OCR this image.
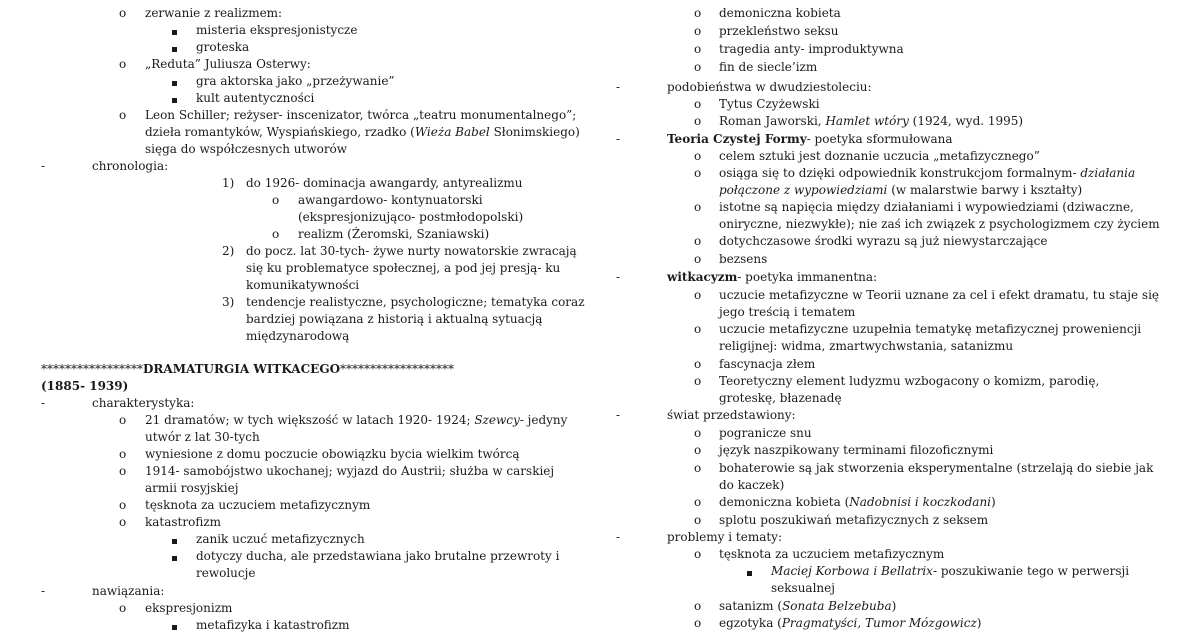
o zerwanie z realizmem:
misteria ekspresjonistycze
groteska
o „Reduta” Juliusza Osterwy:
gra aktorska jako „przeżywanie”
kult autentyczności
o Leon Schiller; reżyser- inscenizator, twórca „teatru monumentalnego”;
dzieła romantyków, Wyspiańskiego, rzadko (Wieża Babel Słonimskiego)
sięga do współczesnych utworów
-	chronologia:
1) do 1926- dominacja awangardy, antyrealizmu
o awangardowo- kontynuatorski
(ekspresjonizująco- postmłodopolski)
o realizm (Żeromski, Szaniawski)
2) do pocz. lat 30-tych- żywe nurty nowatorskie zwracają
się ku problematyce społecznej, a pod jej presją- ku
komunikatywności
3) tendencje realistyczne, psychologiczne; tematyka coraz
bardziej powiązana z historią i aktualną sytuacją
międzynarodową
*****************DRAMATURGIA WITKACEGO*******************
(1885- 1939)
-	charakterystyka:
o 21 dramatów; w tych większość w latach 1920- 1924; Szewcy- jedyny
utwór z lat 30-tych
o wyniesione z domu poczucie obowiązku bycia wielkim twórcą
o 1914- samobójstwo ukochanej; wyjazd do Austrii; służba w carskiej
armii rosyjskiej
o tęsknota za uczuciem metafizycznym
o katastrofizm
zanik uczuć metafizycznych
dotyczy ducha, ale przedstawiana jako brutalne przewroty i
rewolucje
-	nawiązania:
o ekspresjonizm
metafizyka i katastrofizm
o demoniczna kobieta
o przekleństwo seksu
o tragedia anty- improduktywna
o fin de siecle’izm
-	podobieństwa w dwudziestoleciu:
o Tytus Czyżewski
o Roman Jaworski, Hamlet wtóry (1924, wyd. 1995)
-	Teoria Czystej Formy- poetyka sformułowana
o celem sztuki jest doznanie uczucia „metafizycznego”
o osiąga się to dzięki odpowiednik konstrukcjom formalnym- działania
połączone z wypowiedziami (w malarstwie barwy i kształty)
o istotne są napięcia między działaniami i wypowiedziami (dziwaczne,
oniryczne, niezwykłe); nie zaś ich związek z psychologizmem czy życiem
o dotychczasowe środki wyrazu są już niewystarczające
o bezsens
-	witkacyzm- poetyka immanentna:
o uczucie metafizyczne w Teorii uznane za cel i efekt dramatu, tu staje się
jego treścią i tematem
o uczucie metafizyczne uzupełnia tematykę metafizycznej proweniencji
religijnej: widma, zmartwychwstania, satanizmu
o fascynacja złem
o Teoretyczny element ludyzmu wzbogacony o komizm, parodię,
groteskę, błazenadę
-	świat przedstawiony:
o pogranicze snu
o język naszpikowany terminami filozoficznymi
o bohaterowie są jak stworzenia eksperymentalne (strzelają do siebie jak
do kaczek)
o demoniczna kobieta (Nadobnisi i koczkodani)
o splotu poszukiwań metafizycznych z seksem
-	problemy i tematy:
o tęsknota za uczuciem metafizycznym
Maciej Korbowa i Bellatrix- poszukiwanie tego w perwersji
seksualnej
o satanizm (Sonata Belzebuba)
o egzotyka (Pragmatyści, Tumor Mózgowicz)
